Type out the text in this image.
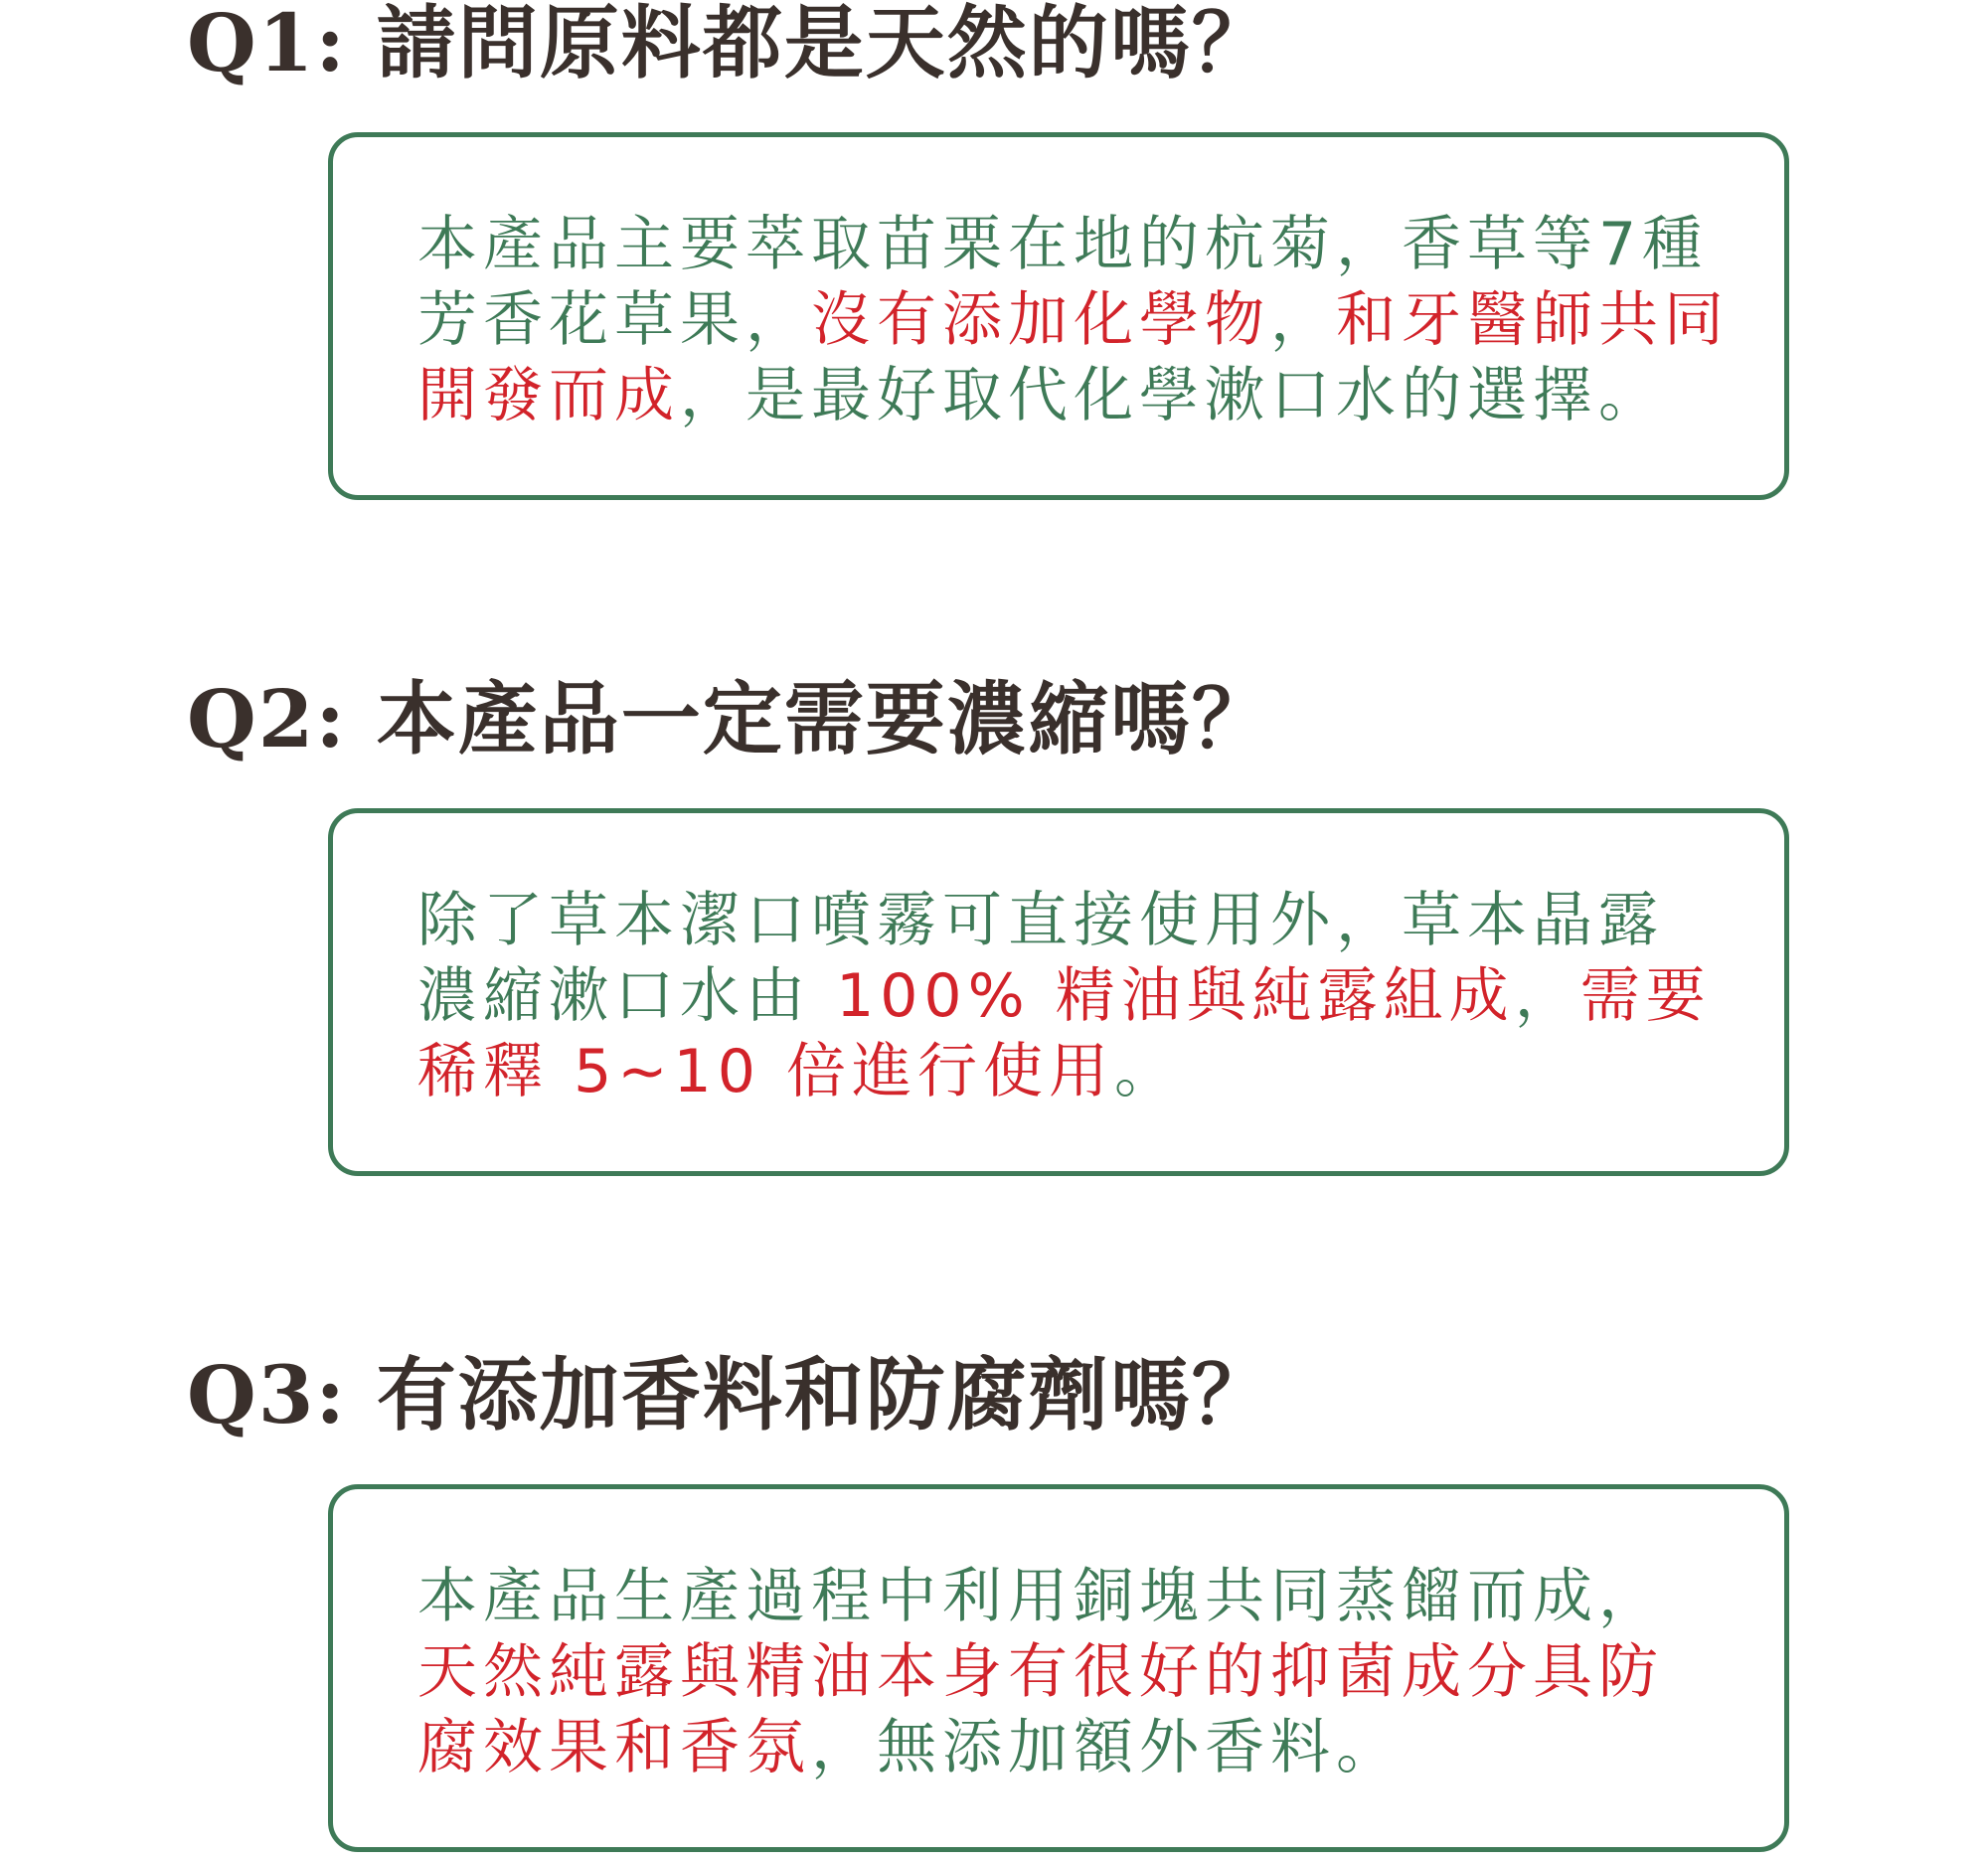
Q1: 請問原料都是天然的嗎？

本產品主要萃取苗栗在地的杭菊，香草等7種
芳香花草果，沒有添加化學物，和牙醫師共同
開發而成，是最好取代化學漱口水的選擇。

Q2: 本產品一定需要濃縮嗎？

除了草本潔口噴霧可直接使用外，草本晶露
濃縮漱口水由 100% 精油與純露組成，需要
稀釋 5~10 倍進行使用。

Q3: 有添加香料和防腐劑嗎？

本產品生產過程中利用銅塊共同蒸餾而成，
天然純露與精油本身有很好的抑菌成分具防
腐效果和香氛，無添加額外香料。
